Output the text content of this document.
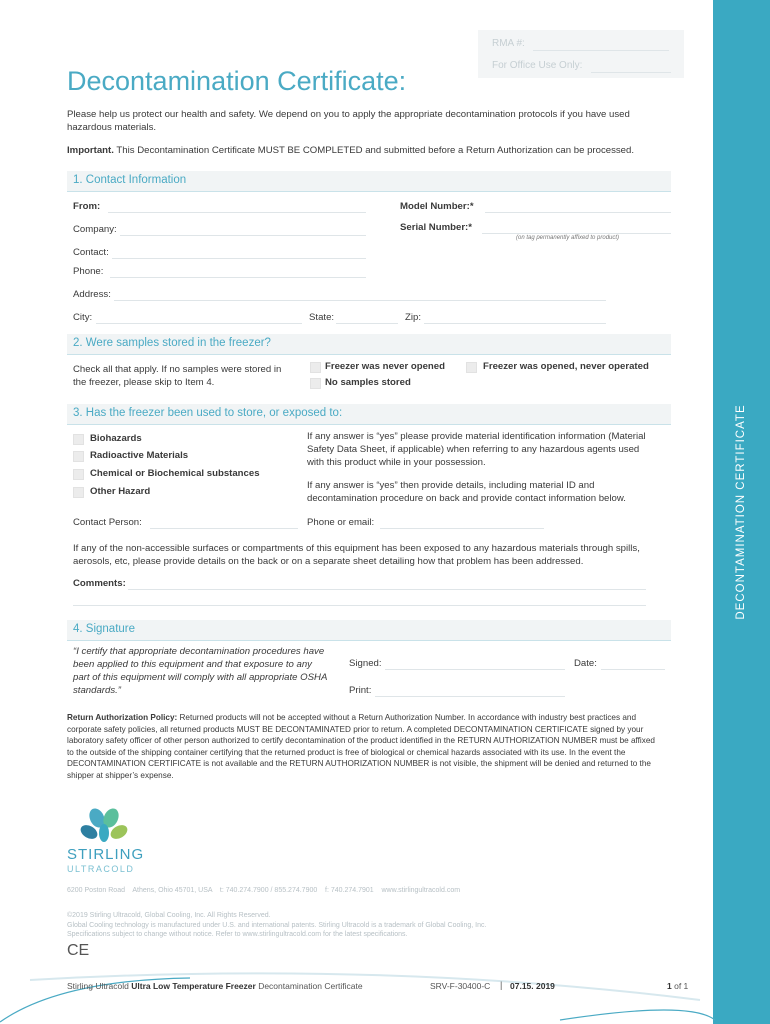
DECONTAMINATION CERTIFICATE
RMA #:
For Office Use Only:
Decontamination Certificate:
Please help us protect our health and safety. We depend on you to apply the appropriate decontamination protocols if you have used hazardous materials.
Important. This Decontamination Certificate MUST BE COMPLETED and submitted before a Return Authorization can be processed.
1. Contact Information
From:
Company:
Contact:
Phone:
Address:
City:	State:	Zip:
Model Number:*
Serial Number:*
(on tag permanently affixed to product)
2. Were samples stored in the freezer?
Check all that apply. If no samples were stored in the freezer, please skip to Item 4.
Freezer was never opened	Freezer was opened, never operated
No samples stored
3. Has the freezer been used to store, or exposed to:
Biohazards
Radioactive Materials
Chemical or Biochemical substances
Other Hazard
If any answer is “yes” please provide material identification information (Material Safety Data Sheet, if applicable) when referring to any hazardous agents used with this product while in your possession.
If any answer is “yes” then provide details, including material ID and decontamination procedure on back and provide contact information below.
Contact Person:	Phone or email:
If any of the non-accessible surfaces or compartments of this equipment has been exposed to any hazardous materials through spills, aerosols, etc, please provide details on the back or on a separate sheet detailing how that problem has been addressed.
Comments:
4. Signature
“I certify that appropriate decontamination procedures have been applied to this equipment and that exposure to any part of this equipment will comply with all appropriate OSHA standards.”
Signed:	Date:
Print:
Return Authorization Policy: Returned products will not be accepted without a Return Authorization Number. In accordance with industry best practices and corporate safety policies, all returned products MUST BE DECONTAMINATED prior to return. A completed DECONTAMINATION CERTIFICATE signed by your laboratory safety officer of other person authorized to certify decontamination of the product identified in the RETURN AUTHORIZATION NUMBER must be affixed to the outside of the shipping container certifying that the returned product is free of biological or chemical hazards associated with its use. In the event the DECONTAMINATION CERTIFICATE is not available and the RETURN AUTHORIZATION NUMBER is not visible, the shipment will be denied and returned to the shipper at shipper’s expense.
STIRLING
ULTRACOLD
6200 Poston Road    Athens, Ohio 45701, USA    t: 740.274.7900 / 855.274.7900    f: 740.274.7901    www.stirlingultracold.com
©2019 Stirling Ultracold, Global Cooling, Inc. All Rights Reserved.
Global Cooling technology is manufactured under U.S. and international patents. Stirling Ultracold is a trademark of Global Cooling, Inc.
Specifications subject to change without notice. Refer to www.stirlingultracold.com for the latest specifications.
CE
Stirling Ultracold Ultra Low Temperature Freezer Decontamination Certificate	SRV-F-30400-C | 07.15. 2019	1 of 1
